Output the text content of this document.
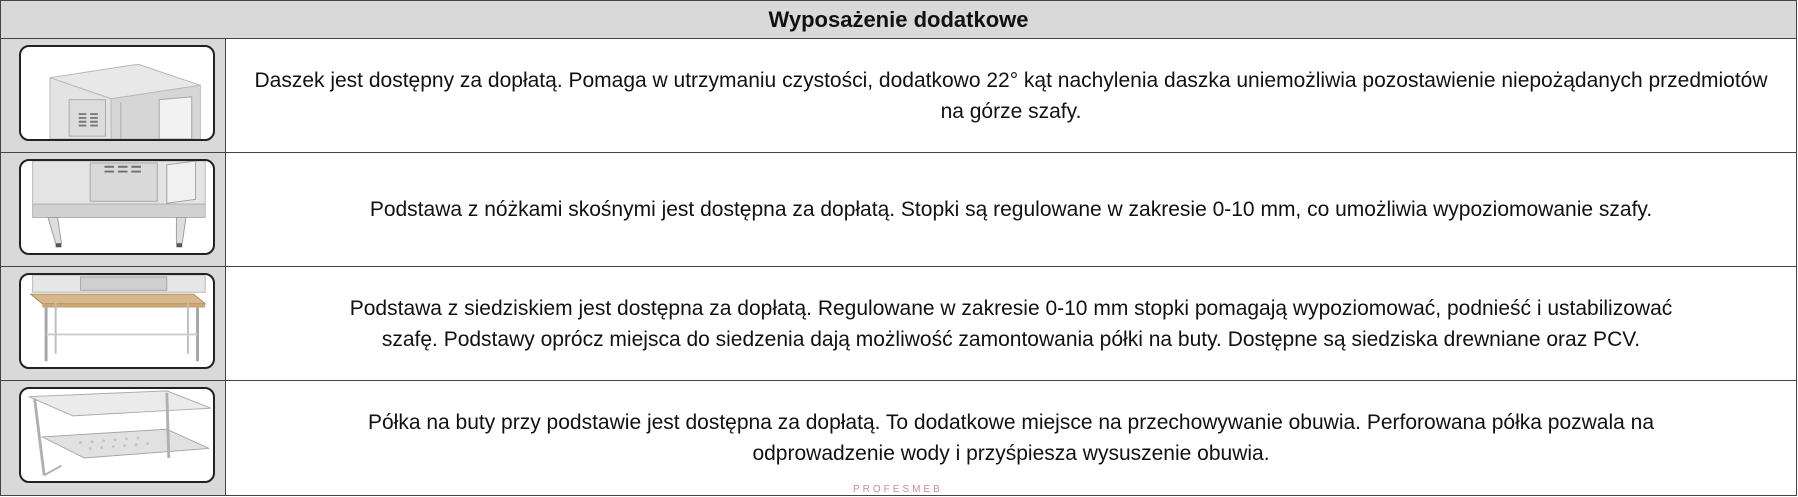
Wyposażenie dodatkowe

Daszek jest dostępny za dopłatą. Pomaga w utrzymaniu czystości, dodatkowo 22° kąt nachylenia daszka uniemożliwia pozostawienie niepożądanych przedmiotów na górze szafy.

Podstawa z nóżkami skośnymi jest dostępna za dopłatą. Stopki są regulowane w zakresie 0-10 mm, co umożliwia wypoziomowanie szafy.

Podstawa z siedziskiem jest dostępna za dopłatą. Regulowane w zakresie 0-10 mm stopki pomagają wypoziomować, podnieść i ustabilizować szafę. Podstawy oprócz miejsca do siedzenia dają możliwość zamontowania półki na buty. Dostępne są siedziska drewniane oraz PCV.

Półka na buty przy podstawie jest dostępna za dopłatą. To dodatkowe miejsce na przechowywanie obuwia. Perforowana półka pozwala na odprowadzenie wody i przyśpiesza wysuszenie obuwia.

PROFESMEB
